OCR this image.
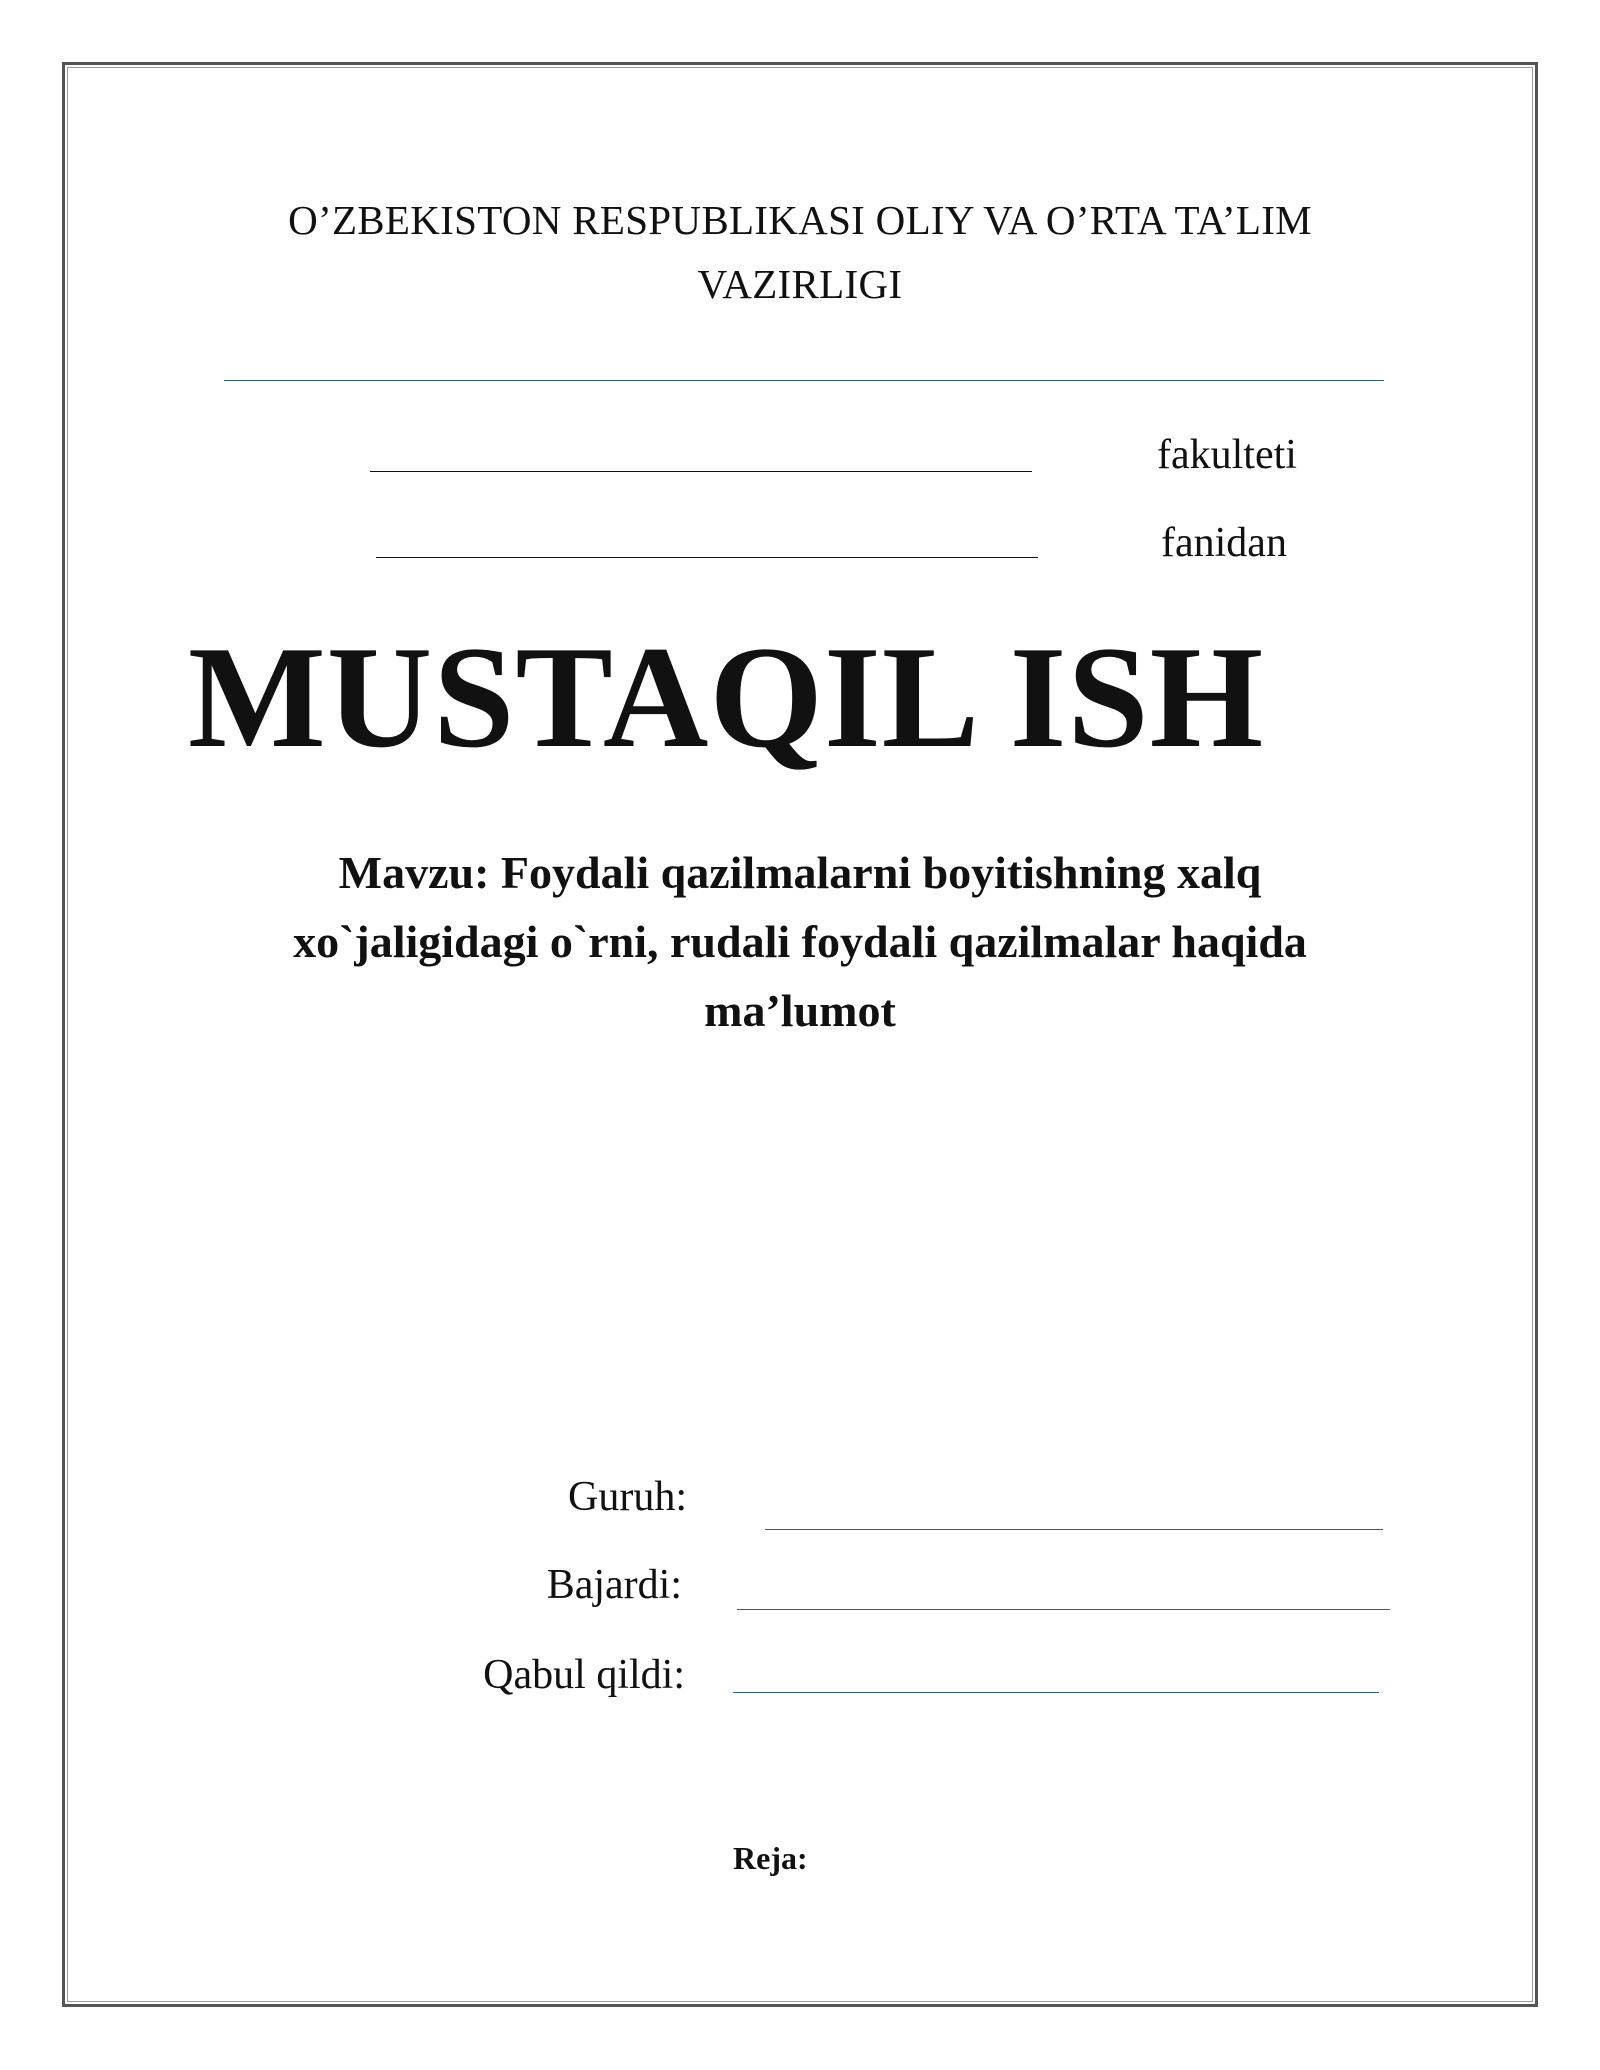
O’ZBEKISTON RESPUBLIKASI OLIY VA O’RTA TA’LIM
VAZIRLIGI
fakulteti
fanidan
MUSTAQIL ISH
Mavzu: Foydali qazilmalarni boyitishning xalq
xo`jaligidagi o`rni, rudali foydali qazilmalar haqida
ma’lumot
Guruh:
Bajardi:
Qabul qildi:
Reja:
